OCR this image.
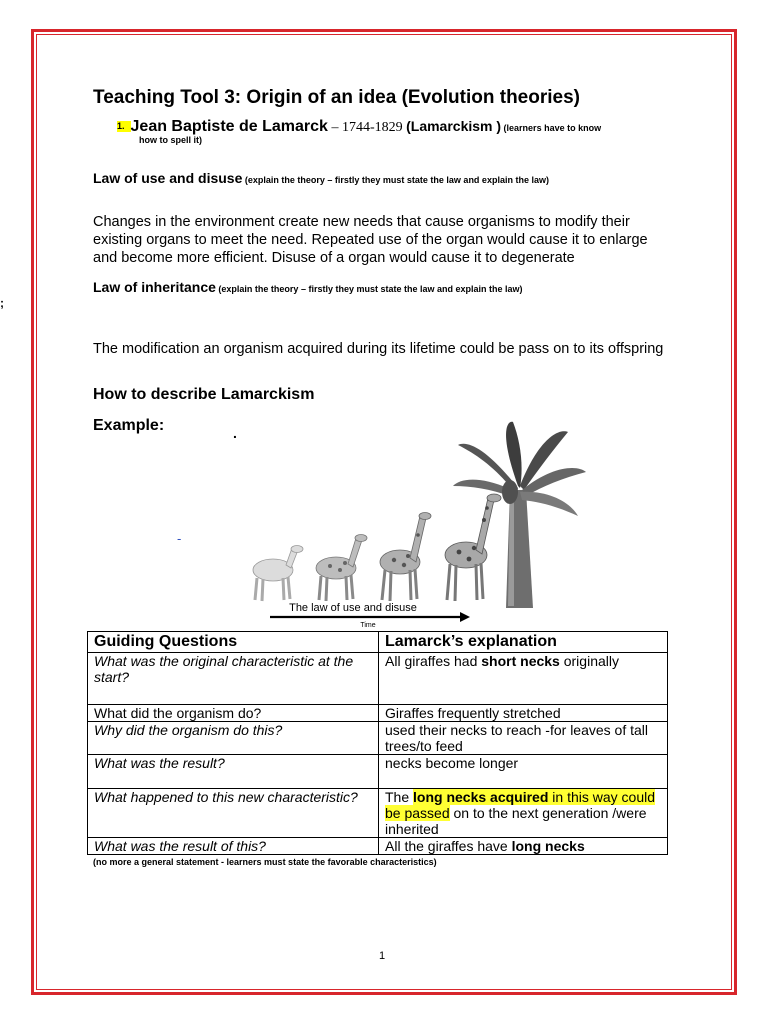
Teaching Tool 3: Origin of an idea (Evolution theories)
1. Jean Baptiste de Lamarck – 1744-1829 (Lamarckism ) (learners have to know
how to spell it)
Law of use and disuse (explain the theory – firstly they must state the law and explain the law)
Changes in the environment create new needs that cause organisms to modify their existing organs to meet the need. Repeated use of the organ would cause it to enlarge and become more efficient. Disuse of a organ would cause it to degenerate
Law of inheritance (explain the theory – firstly they must state the law and explain the law)
The modification an organism acquired during its lifetime could be pass on to its offspring
How to describe Lamarckism
Example:
;
.
-
The law of use and disuse
Time
Guiding Questions	Lamarck’s explanation
What was the original characteristic at the start?	All giraffes had short necks originally
What did the organism do?	Giraffes frequently stretched
Why did the organism do this?	used their necks to reach -for leaves of tall trees/to feed
What was the result?	necks become longer
What happened to this new characteristic?	The long necks acquired in this way could be passed on to the next generation /were inherited
What was the result of this?	All the giraffes have long necks
(no more a general statement - learners must state the favorable characteristics)
1
